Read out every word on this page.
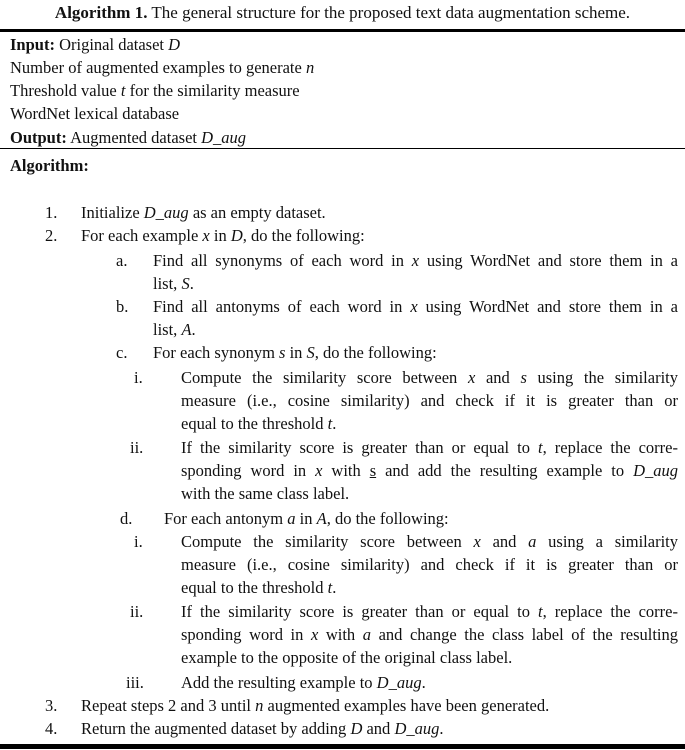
Algorithm 1. The general structure for the proposed text data augmentation scheme.
Input: Original dataset D
Number of augmented examples to generate n
Threshold value t for the similarity measure
WordNet lexical database
Output: Augmented dataset D_aug
Algorithm:
1. Initialize D_aug as an empty dataset.
2. For each example x in D, do the following:
a. Find all synonyms of each word in x using WordNet and store them in a
list, S.
b. Find all antonyms of each word in x using WordNet and store them in a
list, A.
c. For each synonym s in S, do the following:
i. Compute the similarity score between x and s using the similarity
measure (i.e., cosine similarity) and check if it is greater than or
equal to the threshold t.
ii. If the similarity score is greater than or equal to t, replace the corre-
sponding word in x with s and add the resulting example to D_aug
with the same class label.
d. For each antonym a in A, do the following:
i. Compute the similarity score between x and a using a similarity
measure (i.e., cosine similarity) and check if it is greater than or
equal to the threshold t.
ii. If the similarity score is greater than or equal to t, replace the corre-
sponding word in x with a and change the class label of the resulting
example to the opposite of the original class label.
iii. Add the resulting example to D_aug.
3. Repeat steps 2 and 3 until n augmented examples have been generated.
4. Return the augmented dataset by adding D and D_aug.
